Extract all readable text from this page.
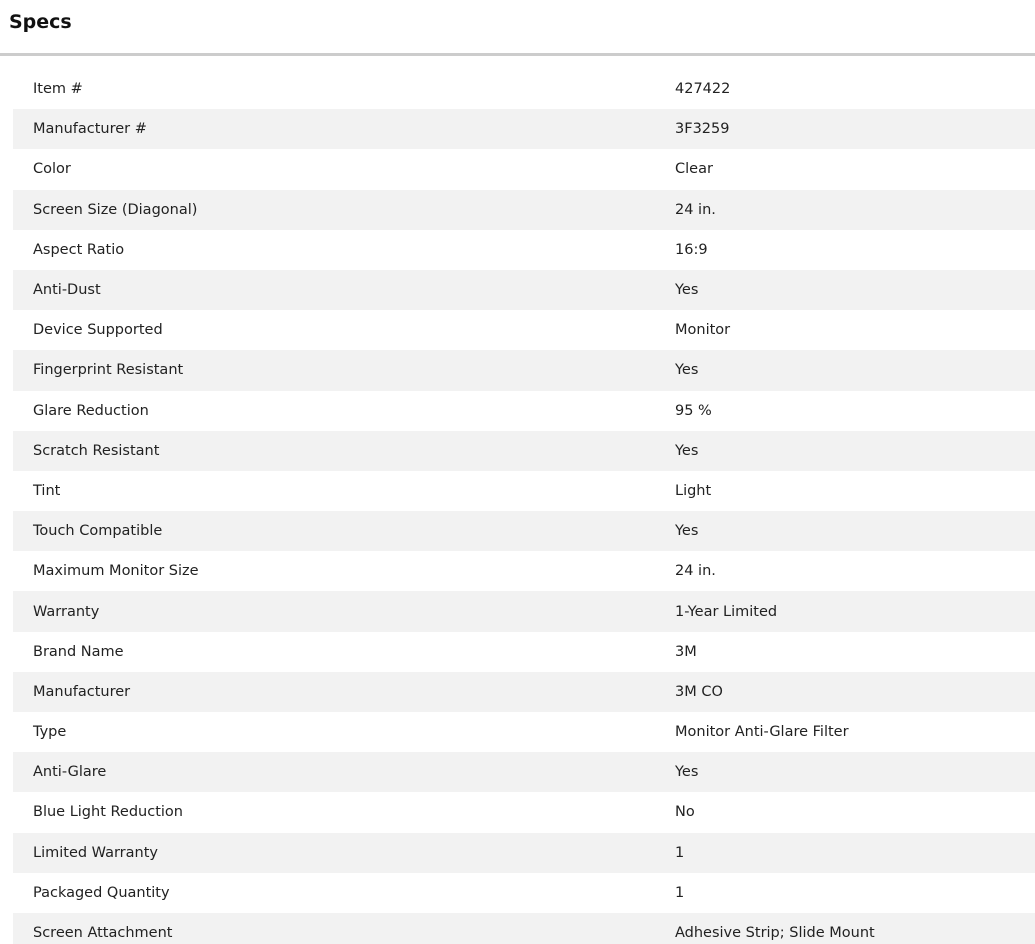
Specs
Item #	427422
Manufacturer #	3F3259
Color	Clear
Screen Size (Diagonal)	24 in.
Aspect Ratio	16:9
Anti-Dust	Yes
Device Supported	Monitor
Fingerprint Resistant	Yes
Glare Reduction	95 %
Scratch Resistant	Yes
Tint	Light
Touch Compatible	Yes
Maximum Monitor Size	24 in.
Warranty	1-Year Limited
Brand Name	3M
Manufacturer	3M CO
Type	Monitor Anti-Glare Filter
Anti-Glare	Yes
Blue Light Reduction	No
Limited Warranty	1
Packaged Quantity	1
Screen Attachment	Adhesive Strip; Slide Mount
